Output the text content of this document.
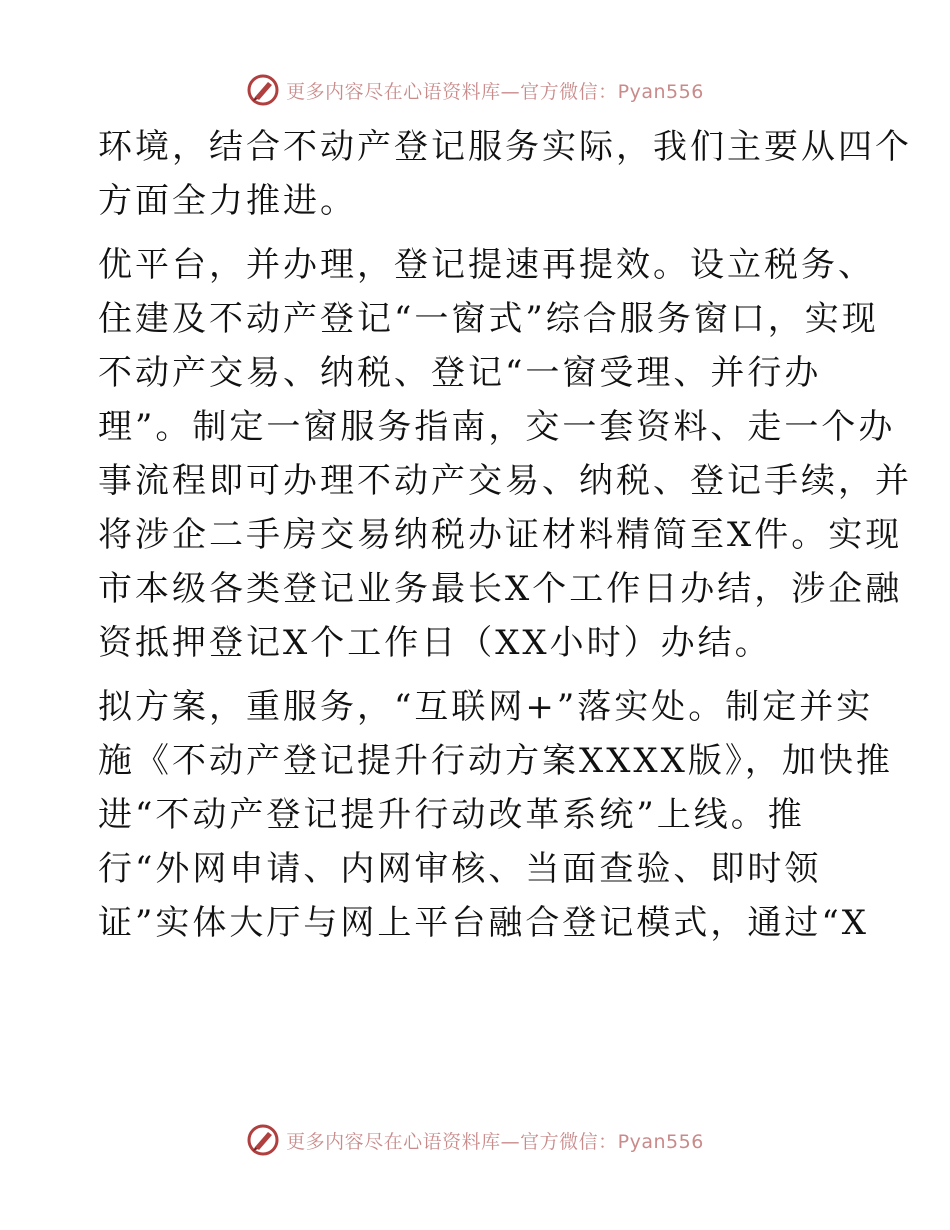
更多内容尽在心语资料库—官方微信：Pyan556
环境，结合不动产登记服务实际，我们主要从四个
方面全力推进。
优平台，并办理，登记提速再提效。设立税务、
住建及不动产登记“一窗式”综合服务窗口，实现
不动产交易、纳税、登记“一窗受理、并行办
理”。制定一窗服务指南，交一套资料、走一个办
事流程即可办理不动产交易、纳税、登记手续，并
将涉企二手房交易纳税办证材料精简至X件。实现
市本级各类登记业务最长X个工作日办结，涉企融
资抵押登记X个工作日（XX小时）办结。
拟方案，重服务，“互联网+”落实处。制定并实
施《不动产登记提升行动方案XXXX版》，加快推
进“不动产登记提升行动改革系统”上线。推
行“外网申请、内网审核、当面查验、即时领
证”实体大厅与网上平台融合登记模式，通过“X
更多内容尽在心语资料库—官方微信：Pyan556
